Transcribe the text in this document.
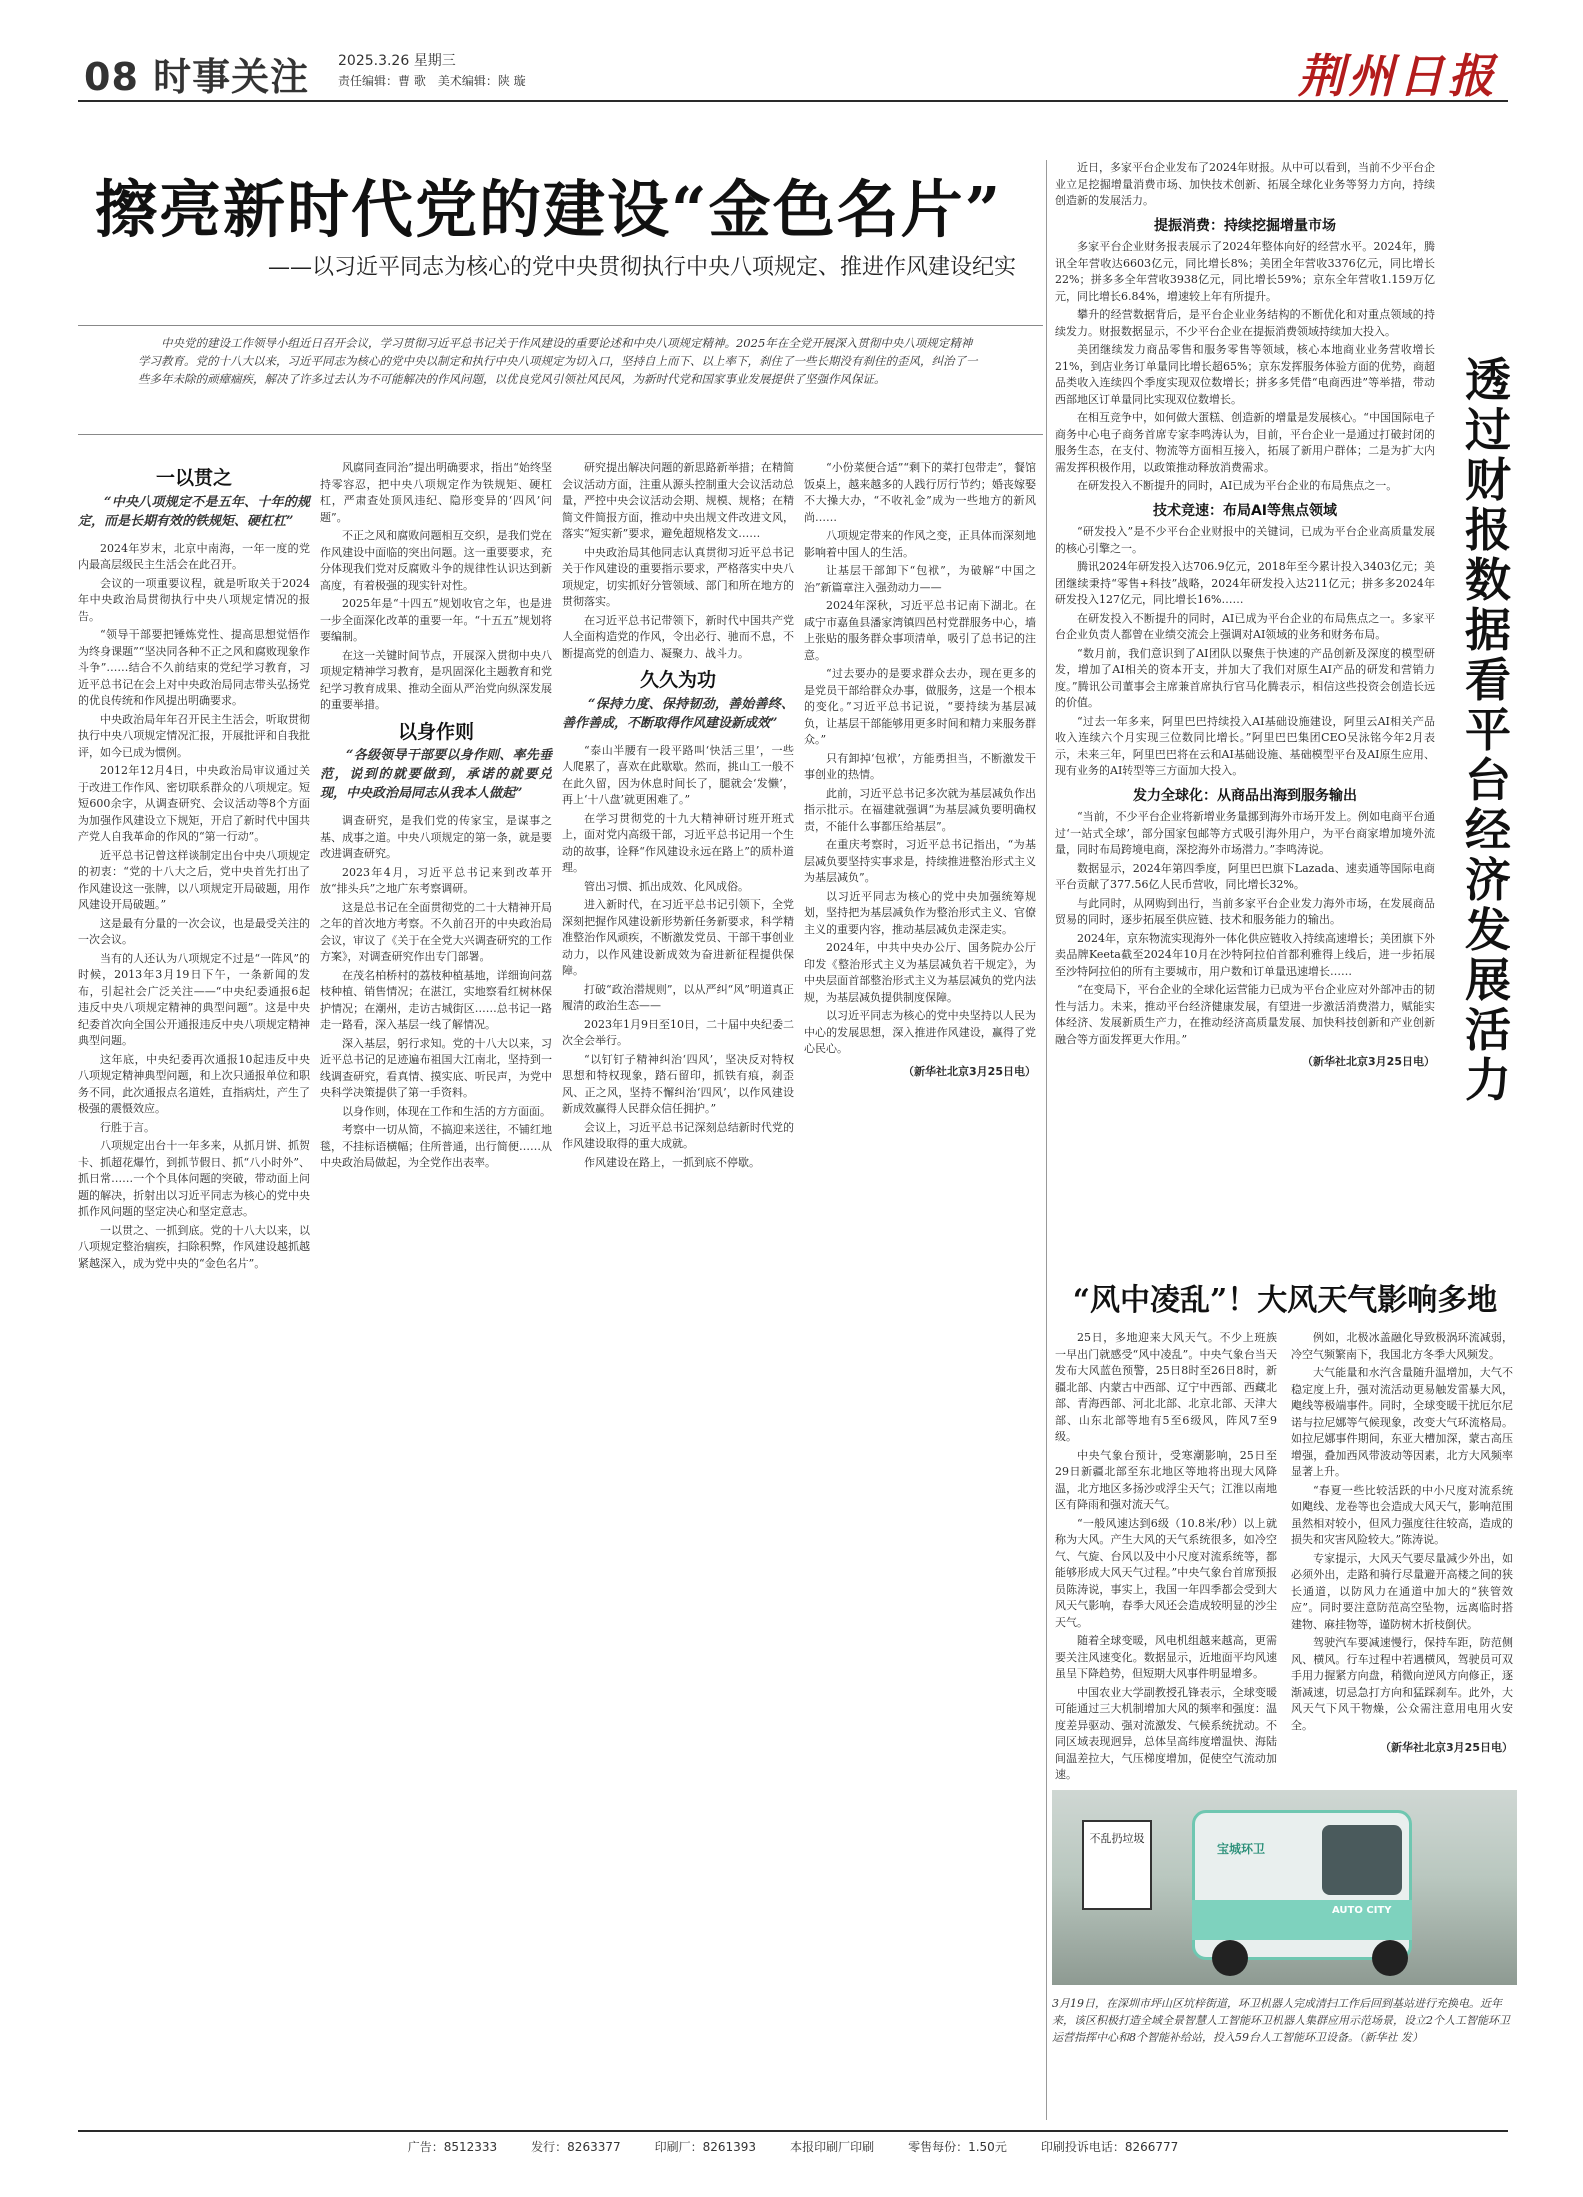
08 时事关注 2025.3.26 星期三
责任编辑：曹 歌　美术编辑：陕 璇	荆州日报
擦亮新时代党的建设“金色名片”
——以习近平同志为核心的党中央贯彻执行中央八项规定、推进作风建设纪实

中央党的建设工作领导小组近日召开会议，学习贯彻习近平总书记关于作风建设的重要论述和中央八项规定精神。2025年在全党开展深入贯彻中央八项规定精神学习教育。党的十八大以来，习近平同志为核心的党中央以制定和执行中央八项规定为切入口，坚持自上而下、以上率下，刹住了一些长期没有刹住的歪风，纠治了一些多年未除的顽瘴痼疾，解决了许多过去认为不可能解决的作风问题，以优良党风引领社风民风，为新时代党和国家事业发展提供了坚强作风保证。

一以贯之
“中央八项规定不是五年、十年的规定，而是长期有效的铁规矩、硬杠杠”

2024年岁末，北京中南海，一年一度的党内最高层级民主生活会在此召开。

会议的一项重要议程，就是听取关于2024年中央政治局贯彻执行中央八项规定情况的报告。

“领导干部要把锤炼党性、提高思想觉悟作为终身课题”“坚决同各种不正之风和腐败现象作斗争”……结合不久前结束的党纪学习教育，习近平总书记在会上对中央政治局同志带头弘扬党的优良传统和作风提出明确要求。

中央政治局年年召开民主生活会，听取贯彻执行中央八项规定情况汇报，开展批评和自我批评，如今已成为惯例。

2012年12月4日，中央政治局审议通过关于改进工作作风、密切联系群众的八项规定。短短600余字，从调查研究、会议活动等8个方面为加强作风建设立下规矩，开启了新时代中国共产党人自我革命的作风的“第一行动”。

近平总书记曾这样谈制定出台中央八项规定的初衷：“党的十八大之后，党中央首先打出了作风建设这一张牌，以八项规定开局破题，用作风建设开局破题。”

这是最有分量的一次会议，也是最受关注的一次会议。

当有的人还认为八项规定不过是“一阵风”的时候，2013年3月19日下午，一条新闻的发布，引起社会广泛关注——“中央纪委通报6起违反中央八项规定精神的典型问题”。这是中央纪委首次向全国公开通报违反中央八项规定精神典型问题。

这年底，中央纪委再次通报10起违反中央八项规定精神典型问题，和上次只通报单位和职务不同，此次通报点名道姓，直指病灶，产生了极强的震慑效应。

行胜于言。

八项规定出台十一年多来，从抓月饼、抓贺卡、抓超花爆竹，到抓节假日、抓“八小时外”、抓日常……一个个具体问题的突破，带动面上问题的解决，折射出以习近平同志为核心的党中央抓作风问题的坚定决心和坚定意志。

一以贯之、一抓到底。党的十八大以来，以八项规定整治痼疾，扫除积弊，作风建设越抓越紧越深入，成为党中央的“金色名片”。

风腐同查同治”提出明确要求，指出“始终坚持零容忍，把中央八项规定作为铁规矩、硬杠杠，严肃查处顶风违纪、隐形变异的‘四风’问题”。

不正之风和腐败问题相互交织，是我们党在作风建设中面临的突出问题。这一重要要求，充分体现我们党对反腐败斗争的规律性认识达到新高度，有着极强的现实针对性。

2025年是“十四五”规划收官之年，也是进一步全面深化改革的重要一年。“十五五”规划将要编制。

在这一关键时间节点，开展深入贯彻中央八项规定精神学习教育，是巩固深化主题教育和党纪学习教育成果、推动全面从严治党向纵深发展的重要举措。

以身作则
“各级领导干部要以身作则、率先垂范，说到的就要做到，承诺的就要兑现，中央政治局同志从我本人做起”

调查研究，是我们党的传家宝，是谋事之基、成事之道。中央八项规定的第一条，就是要改进调查研究。

2023年4月，习近平总书记来到改革开放“排头兵”之地广东考察调研。

这是总书记在全面贯彻党的二十大精神开局之年的首次地方考察。不久前召开的中央政治局会议，审议了《关于在全党大兴调查研究的工作方案》，对调查研究作出专门部署。

在茂名柏桥村的荔枝种植基地，详细询问荔枝种植、销售情况；在湛江，实地察看红树林保护情况；在潮州，走访古城街区……总书记一路走一路看，深入基层一线了解情况。

深入基层，躬行求知。党的十八大以来，习近平总书记的足迹遍布祖国大江南北，坚持到一线调查研究，看真情、摸实底、听民声，为党中央科学决策提供了第一手资料。

以身作则，体现在工作和生活的方方面面。

考察中一切从简，不搞迎来送往，不铺红地毯，不挂标语横幅；住所普通，出行简便……从中央政治局做起，为全党作出表率。

研究提出解决问题的新思路新举措；在精简会议活动方面，注重从源头控制重大会议活动总量，严控中央会议活动会期、规模、规格；在精简文件简报方面，推动中央出规文件改进文风，落实“短实新”要求，避免超规格发文……

中央政治局其他同志认真贯彻习近平总书记关于作风建设的重要指示要求，严格落实中央八项规定，切实抓好分管领域、部门和所在地方的贯彻落实。

在习近平总书记带领下，新时代中国共产党人全面构造党的作风，令出必行、驰而不息，不断提高党的创造力、凝聚力、战斗力。

久久为功
“保持力度、保持韧劲，善始善终、善作善成，不断取得作风建设新成效”

“泰山半腰有一段平路叫‘快活三里’，一些人爬累了，喜欢在此歇歇。然而，挑山工一般不在此久留，因为休息时间长了，腿就会‘发懒’，再上‘十八盘’就更困难了。”

在学习贯彻党的十九大精神研讨班开班式上，面对党内高级干部，习近平总书记用一个生动的故事，诠释“作风建设永远在路上”的质朴道理。

管出习惯、抓出成效、化风成俗。

进入新时代，在习近平总书记引领下，全党深刻把握作风建设新形势新任务新要求，科学精准整治作风顽疾，不断激发党员、干部干事创业动力，以作风建设新成效为奋进新征程提供保障。

打破“政治潜规则”，以从严纠“风”明道真正履清的政治生态——

2023年1月9日至10日，二十届中央纪委二次全会举行。

“以钉钉子精神纠治‘四风’，坚决反对特权思想和特权现象，踏石留印，抓铁有痕，刹歪风、正之风，坚持不懈纠治‘四风’，以作风建设新成效赢得人民群众信任拥护。”

会议上，习近平总书记深刻总结新时代党的作风建设取得的重大成就。

作风建设在路上，一抓到底不停歇。

“小份菜便合适”“剩下的菜打包带走”，餐馆饭桌上，越来越多的人践行厉行节约；婚丧嫁娶不大操大办，“不收礼金”成为一些地方的新风尚……

八项规定带来的作风之变，正具体而深刻地影响着中国人的生活。

让基层干部卸下“包袱”，为破解“中国之治”新篇章注入强劲动力——

2024年深秋，习近平总书记南下湖北。在咸宁市嘉鱼县潘家湾镇四邑村党群服务中心，墙上张贴的服务群众事项清单，吸引了总书记的注意。

“过去要办的是要求群众去办，现在更多的是党员干部给群众办事，做服务，这是一个根本的变化。”习近平总书记说，“要持续为基层减负，让基层干部能够用更多时间和精力来服务群众。”

只有卸掉‘包袱’，方能勇担当，不断激发干事创业的热情。

此前，习近平总书记多次就为基层减负作出指示批示。在福建就强调“为基层减负要明确权责，不能什么事都压给基层”。

在重庆考察时，习近平总书记指出，“为基层减负要坚持实事求是，持续推进整治形式主义为基层减负”。

以习近平同志为核心的党中央加强统筹规划，坚持把为基层减负作为整治形式主义、官僚主义的重要内容，推动基层减负走深走实。

2024年，中共中央办公厅、国务院办公厅印发《整治形式主义为基层减负若干规定》，为中央层面首部整治形式主义为基层减负的党内法规，为基层减负提供制度保障。

以习近平同志为核心的党中央坚持以人民为中心的发展思想，深入推进作风建设，赢得了党心民心。

（新华社北京3月25日电）

近日，多家平台企业发布了2024年财报。从中可以看到，当前不少平台企业立足挖掘增量消费市场、加快技术创新、拓展全球化业务等努力方向，持续创造新的发展活力。

提振消费：持续挖掘增量市场

多家平台企业财务报表展示了2024年整体向好的经营水平。2024年，腾讯全年营收达6603亿元，同比增长8%；美团全年营收3376亿元，同比增长22%；拼多多全年营收3938亿元，同比增长59%；京东全年营收1.159万亿元，同比增长6.84%，增速较上年有所提升。

攀升的经营数据背后，是平台企业业务结构的不断优化和对重点领域的持续发力。财报数据显示，不少平台企业在提振消费领域持续加大投入。

美团继续发力商品零售和服务零售等领域，核心本地商业业务营收增长21%，到店业务订单量同比增长超65%；京东发挥服务体验方面的优势，商超品类收入连续四个季度实现双位数增长；拼多多凭借“电商西进”等举措，带动西部地区订单量同比实现双位数增长。

在相互竞争中，如何做大蛋糕、创造新的增量是发展核心。“中国国际电子商务中心电子商务首席专家李鸣涛认为，目前，平台企业一是通过打破封闭的服务生态，在支付、物流等方面相互接入，拓展了新用户群体；二是为扩大内需发挥积极作用，以政策推动释放消费需求。

在研发投入不断提升的同时，AI已成为平台企业的布局焦点之一。

技术竞速：布局AI等焦点领域

“研发投入”是不少平台企业财报中的关键词，已成为平台企业高质量发展的核心引擎之一。

腾讯2024年研发投入达706.9亿元，2018年至今累计投入3403亿元；美团继续秉持“零售+科技”战略，2024年研发投入达211亿元；拼多多2024年研发投入127亿元，同比增长16%……

在研发投入不断提升的同时，AI已成为平台企业的布局焦点之一。多家平台企业负责人都曾在业绩交流会上强调对AI领域的业务和财务布局。

“数月前，我们意识到了AI团队以聚焦于快速的产品创新及深度的模型研发，增加了AI相关的资本开支，并加大了我们对原生AI产品的研发和营销力度。”腾讯公司董事会主席兼首席执行官马化腾表示，相信这些投资会创造长远的价值。

“过去一年多来，阿里巴巴持续投入AI基础设施建设，阿里云AI相关产品收入连续六个月实现三位数同比增长。”阿里巴巴集团CEO吴泳铭今年2月表示，未来三年，阿里巴巴将在云和AI基础设施、基础模型平台及AI原生应用、现有业务的AI转型等三方面加大投入。

发力全球化：从商品出海到服务输出

“当前，不少平台企业将新增业务量挪到海外市场开发上。例如电商平台通过‘一站式全球’，部分国家包邮等方式吸引海外用户，为平台商家增加境外流量，同时布局跨境电商，深挖海外市场潜力。”李鸣涛说。

数据显示，2024年第四季度，阿里巴巴旗下Lazada、速卖通等国际电商平台贡献了377.56亿人民币营收，同比增长32%。

与此同时，从网购到出行，当前多家平台企业发力海外市场，在发展商品贸易的同时，逐步拓展至供应链、技术和服务能力的输出。

2024年，京东物流实现海外一体化供应链收入持续高速增长；美团旗下外卖品牌Keeta截至2024年10月在沙特阿拉伯首都利雅得上线后，进一步拓展至沙特阿拉伯的所有主要城市，用户数和订单量迅速增长……

“在变局下，平台企业的全球化运营能力已成为平台企业应对外部冲击的韧性与活力。未来，推动平台经济健康发展，有望进一步激活消费潜力，赋能实体经济、发展新质生产力，在推动经济高质量发展、加快科技创新和产业创新融合等方面发挥更大作用。”

（新华社北京3月25日电）

透过财报数据看平台经济发展活力
“风中凌乱”！大风天气影响多地

25日，多地迎来大风天气。不少上班族一早出门就感受“风中凌乱”。中央气象台当天发布大风蓝色预警，25日8时至26日8时，新疆北部、内蒙古中西部、辽宁中西部、西藏北部、青海西部、河北北部、北京北部、天津大部、山东北部等地有5至6级风，阵风7至9级。

中央气象台预计，受寒潮影响，25日至29日新疆北部至东北地区等地将出现大风降温，北方地区多扬沙或浮尘天气；江淮以南地区有降雨和强对流天气。

“一般风速达到6级（10.8米/秒）以上就称为大风。产生大风的天气系统很多，如冷空气、气旋、台风以及中小尺度对流系统等，都能够形成大风天气过程。”中央气象台首席预报员陈涛说，事实上，我国一年四季都会受到大风天气影响，春季大风还会造成较明显的沙尘天气。

随着全球变暖，风电机组越来越高，更需要关注风速变化。数据显示，近地面平均风速虽呈下降趋势，但短期大风事件明显增多。

中国农业大学副教授孔锋表示，全球变暖可能通过三大机制增加大风的频率和强度：温度差异驱动、强对流激发、气候系统扰动。不同区域表现迥异，总体呈高纬度增温快、海陆间温差拉大，气压梯度增加，促使空气流动加速。

例如，北极冰盖融化导致极涡环流减弱，冷空气频繁南下，我国北方冬季大风频发。

大气能量和水汽含量随升温增加，大气不稳定度上升，强对流活动更易触发雷暴大风，飑线等极端事件。同时，全球变暖干扰厄尔尼诺与拉尼娜等气候现象，改变大气环流格局。如拉尼娜事件期间，东亚大槽加深，蒙古高压增强，叠加西风带波动等因素，北方大风频率显著上升。

“春夏一些比较活跃的中小尺度对流系统如飑线、龙卷等也会造成大风天气，影响范围虽然相对较小，但风力强度往往较高，造成的损失和灾害风险较大。”陈涛说。

专家提示，大风天气要尽量减少外出，如必须外出，走路和骑行尽量避开高楼之间的狭长通道，以防风力在通道中加大的“狭管效应”。同时要注意防范高空坠物，远离临时搭建物、麻挂物等，谨防树木折枝倒伏。

驾驶汽车要减速慢行，保持车距，防范侧风、横风。行车过程中若遇横风，驾驶员可双手用力握紧方向盘，稍微向逆风方向修正，逐渐减速，切忌急打方向和猛踩刹车。此外，大风天气下风干物燥，公众需注意用电用火安全。

（新华社北京3月25日电）

不乱扔垃圾
宝城环卫
AUTO CITY
3月19日，在深圳市坪山区坑梓街道，环卫机器人完成清扫工作后回到基站进行充换电。近年来，该区积极打造全域全景智慧人工智能环卫机器人集群应用示范场景，设立2个人工智能环卫运营指挥中心和8个智能补给站，投入59台人工智能环卫设备。（新华社 发）
广告：8512333	发行：8263377	印刷厂：8261393	本报印刷厂印刷	零售每份：1.50元	印刷投诉电话：8266777
